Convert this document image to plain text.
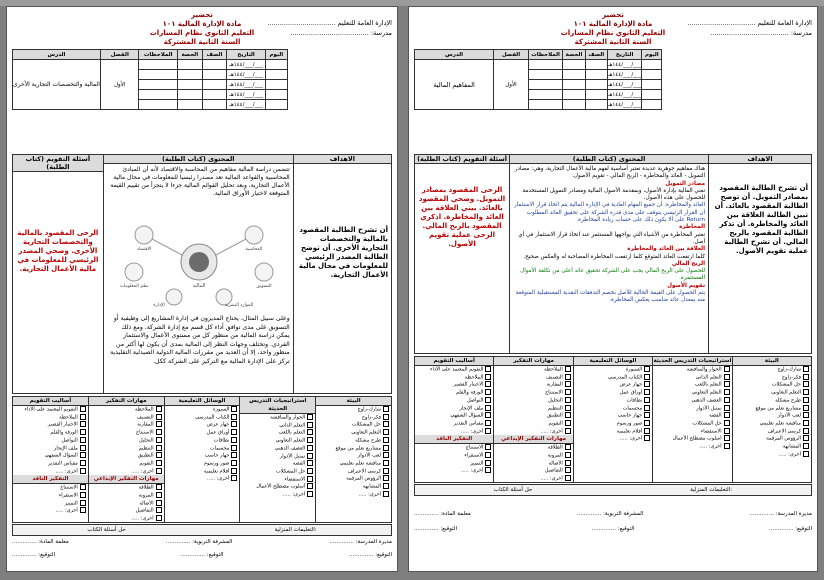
تحضير
مادة الإدارة المالية ١٠١
التعليم الثانوي نظام المسارات
السنة الثانية المشتركة
الإدارة العامة للتعليم .................................
مدرسة: ......................................
اليوم	التاريخ	الصف	الحصة	الملاحظات	الفصل	الدرس
	___/___/١٤٤هـ				الأول	المالية والتخصصات التجارية الأخرى
	___/___/١٤٤هـ					
	___/___/١٤٤هـ					
	___/___/١٤٤هـ					
	___/___/١٤٤هـ					
الاهداف
أن تشرح الطالبة المقصود بالمالية والتخصصات التجارية الأخرى. أن توضح الطالبة المصدر الرئيسي للمعلومات في مجال مالية الأعمال التجارية.
المحتوى (كتاب الطلبة)
تتضمن دراسة المالية مفاهيم من المحاسبة والاقتصاد لأنه أن المبادئ المحاسبية والقواعد المالية تعد مصدرا رئيسيا للمعلومات في مجال مالية الأعمال التجارية، وبعد تحليل القوائم المالية جزءا لا يتجزأ من تقييم القيمة المتوقعة لاختيار الأوراق المالية.
المالية
الاقتصاد	المحاسبة
نظم المعلومات	التسويق
الإدارة	الموارد البشرية
وعلى سبيل المثال، يحتاج المديرون في إدارة المشاريع إلى وظيفية أو التسويق على مدى توافق أداء كل قسم مع إدارة الشركة. ومع ذلك يمكن دراسة المالية من منظور كل من مستوى الأعمال والاستثمار الفردي. وتختلف وجهات النظر إلى المالية بمدى أن يكون لها أكثر من منظور واحد، إلا أن العديد من مقررات المالية الدولية الصيدلية التقليدية تركز على الإدارة المالية مع التركيز على الشركة ككل.
أسئلة التقويم (كتاب الطلبة)
الرحى المقصود بالمالية والتخصصات التجارية الأخرى. وضحي المصدر الرئيسي للمعلومات في مالية الأعمال التجارية.
البيئة
شارك-زاوج
فكر-زاوج
حل المشكلات
التعلم التعاوني
طرح مشكلة
مشاريع تعلم من موقع
لعب الأدوار
مناقشة تعلم تعليمي
كرسي الاعتراف
الرؤوس المرقمة
المشابهة
أخرى: .....
استراتيجيات التدريس الحديثة
الحوار والمناقشة
التعلم الذاتي
التعلم باللعب
التعلم التعاوني
العصف الذهني
تمثيل الأدوار
القصة
حل المشكلات
الاستقصاء
أسلوب مصطلح الأعمال
أخرى: .....
الوسائل التعليمية
السبورة
الكتاب المدرسي
جهاز عرض
أوراق عمل
بطاقات
مجسمات
جهاز حاسب
صور ورسوم
أفلام تعليمية
أخرى: .....
مهارات التفكير
الملاحظة
التصنيف
المقارنة
الاستنتاج
التحليل
التنظيم
التطبيق
التقويم
أخرى: .....
مهارات التفكير الإبداعي
الطلاقة
المرونة
الأصالة
التفاصيل
أخرى: .....
أساليب التقويم
التقويم المعتمد على الأداء
الملاحظة
الاختبار القصير
الورقة والقلم
التواصل
ملف الإنجاز
السؤال الشفهي
مقياس التقدير
أخرى: .....
التفكير الناقد
الاستنتاج
الاستقراء
التمييز
أخرى: .....
التعليمات المنزلية:
حل أسئلة الكتاب
معلمة المادة: ..............	المشرفة التربوية: ..............	مديرة المدرسة: ..............
التوقيع: ..............	التوقيع: ..............	التوقيع: ..............
تحضير
مادة الإدارة المالية ١٠١
التعليم الثانوي نظام المسارات
السنة الثانية المشتركة
الإدارة العامة للتعليم .................................
مدرسة: ......................................
اليوم	التاريخ	الصف	الحصة	الملاحظات	الفصل	الدرس
	___/___/١٤٤هـ				الأول	المفاهيم المالية
	___/___/١٤٤هـ					
	___/___/١٤٤هـ					
	___/___/١٤٤هـ					
	___/___/١٤٤هـ					
الاهداف
أن تشرح الطالبة المقصود بمصادر التمويل. أن توضح الطالبة المقصود بالعائد. أن تبين الطالبة العلاقة بين العائد والمخاطرة. أن تذكر الطالبة المقصود بالربح المالي. أن تشرح الطالبة عملية تقويم الأصول.
المحتوى (كتاب الطلبة)
هناك مفاهيم جوهرية عديدة تعتبر أساسية لفهم مالية الأعمال التجارية، وهي: مصادر التمويل - العائد والمخاطرة - الربح المالي - تقويم الأصول.
مصادر التمويل
تعني المالية بإدارة الأصول، وبمقدمة الأصول المالية ومصادر التمويل المستخدمة للحصول على هذه الأصول.
العائد والمخاطرة: أن جميع المهام العادية في الإدارة المالية يتم اتخاذ قرار الاستثمار أن القرار الرئيسي يتوقف على مدى قدرة الشركة على تحقيق العائد المطلوب Return على ألا يكون ذلك على حساب زيادة المخاطرة.
المخاطرة
تعتبر المخاطرة من الأشياء التي يواجهها المستثمر عند اتخاذ قرار الاستثمار في أي أصل.
العلاقة بين العائد والمخاطرة
كلما ارتفعت العائد المتوقع كلما ارتفعت المخاطرة المصاحبة له والعكس صحيح.
الربح المالي
للحصول على الربح المالي يجب على الشركة تحقيق عائد أعلى من تكلفة الأموال المستثمرة.
تقويم الأصول
يتم الحصول على القيمة الحالية للأصل بخصم التدفقات النقدية المستقبلية المتوقعة منه بمعدل عائد مناسب يعكس المخاطرة.
أسئلة التقويم (كتاب الطلبة)
الرحى المقصود بمصادر التمويل. وضحي المقصود بالعائد. بيني العلاقة بين العائد والمخاطرة. اذكري المقصود بالربح المالي. الرحى عملية تقويم الأصول.
البيئة
شارك-زاوج
فكر-زاوج
حل المشكلات
التعلم التعاوني
طرح مشكلة
مشاريع تعلم من موقع
لعب الأدوار
مناقشة تعلم تعليمي
كرسي الاعتراف
الرؤوس المرقمة
المشابهة
أخرى: .....
استراتيجيات التدريس الحديثة
الحوار والمناقشة
التعلم الذاتي
التعلم باللعب
التعلم التعاوني
العصف الذهني
تمثيل الأدوار
القصة
حل المشكلات
الاستقصاء
أسلوب مصطلح الأعمال
أخرى: .....
الوسائل التعليمية
السبورة
الكتاب المدرسي
جهاز عرض
أوراق عمل
بطاقات
مجسمات
جهاز حاسب
صور ورسوم
أفلام تعليمية
أخرى: .....
مهارات التفكير
الملاحظة
التصنيف
المقارنة
الاستنتاج
التحليل
التنظيم
التطبيق
التقويم
أخرى: .....
مهارات التفكير الإبداعي
الطلاقة
المرونة
الأصالة
التفاصيل
أخرى: .....
أساليب التقويم
التقويم المعتمد على الأداء
الملاحظة
الاختبار القصير
الورقة والقلم
التواصل
ملف الإنجاز
السؤال الشفهي
مقياس التقدير
أخرى: .....
التفكير الناقد
الاستنتاج
الاستقراء
التمييز
أخرى: .....
التعليمات المنزلية:
حل أسئلة الكتاب
معلمة المادة: ..............	المشرفة التربوية: ..............	مديرة المدرسة: ..............
التوقيع: ..............	التوقيع: ..............	التوقيع: ..............
